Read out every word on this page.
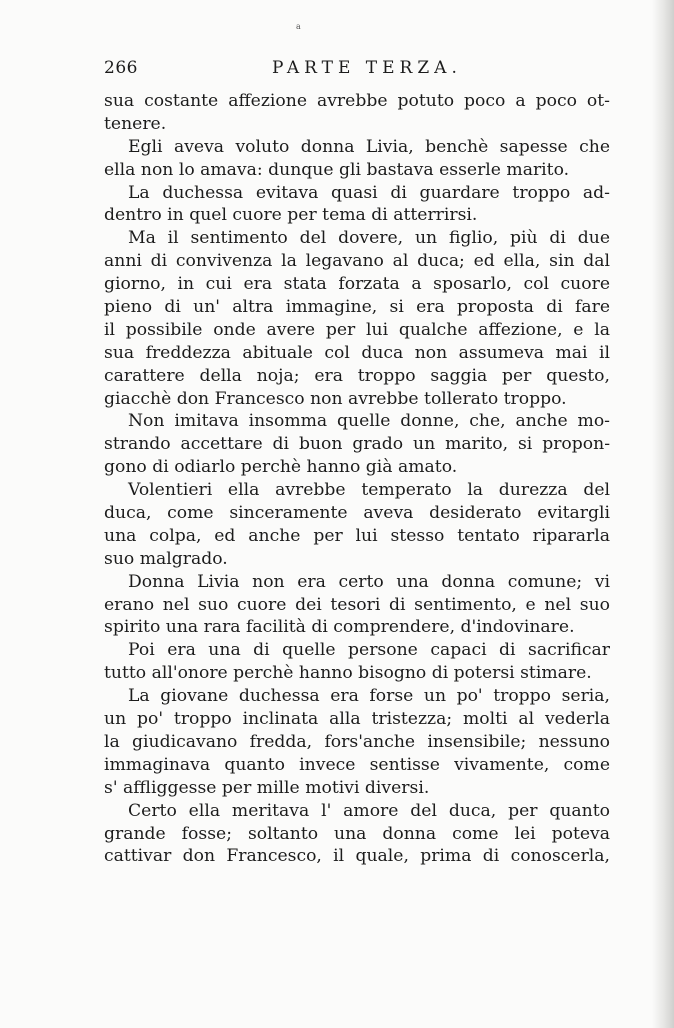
a
266	PARTE TERZA.
sua costante affezione avrebbe potuto poco a poco ot-
tenere.
Egli aveva voluto donna Livia, benchè sapesse che
ella non lo amava: dunque gli bastava esserle marito.
La duchessa evitava quasi di guardare troppo ad-
dentro in quel cuore per tema di atterrirsi.
Ma il sentimento del dovere, un figlio, più di due
anni di convivenza la legavano al duca; ed ella, sin dal
giorno, in cui era stata forzata a sposarlo, col cuore
pieno di un' altra immagine, si era proposta di fare
il possibile onde avere per lui qualche affezione, e la
sua freddezza abituale col duca non assumeva mai il
carattere della noja; era troppo saggia per questo,
giacchè don Francesco non avrebbe tollerato troppo.
Non imitava insomma quelle donne, che, anche mo-
strando accettare di buon grado un marito, si propon-
gono di odiarlo perchè hanno già amato.
Volentieri ella avrebbe temperato la durezza del
duca, come sinceramente aveva desiderato evitargli
una colpa, ed anche per lui stesso tentato ripararla
suo malgrado.
Donna Livia non era certo una donna comune; vi
erano nel suo cuore dei tesori di sentimento, e nel suo
spirito una rara facilità di comprendere, d'indovinare.
Poi era una di quelle persone capaci di sacrificar
tutto all'onore perchè hanno bisogno di potersi stimare.
La giovane duchessa era forse un po' troppo seria,
un po' troppo inclinata alla tristezza; molti al vederla
la giudicavano fredda, fors'anche insensibile; nessuno
immaginava quanto invece sentisse vivamente, come
s' affliggesse per mille motivi diversi.
Certo ella meritava l' amore del duca, per quanto
grande fosse; soltanto una donna come lei poteva
cattivar don Francesco, il quale, prima di conoscerla,
